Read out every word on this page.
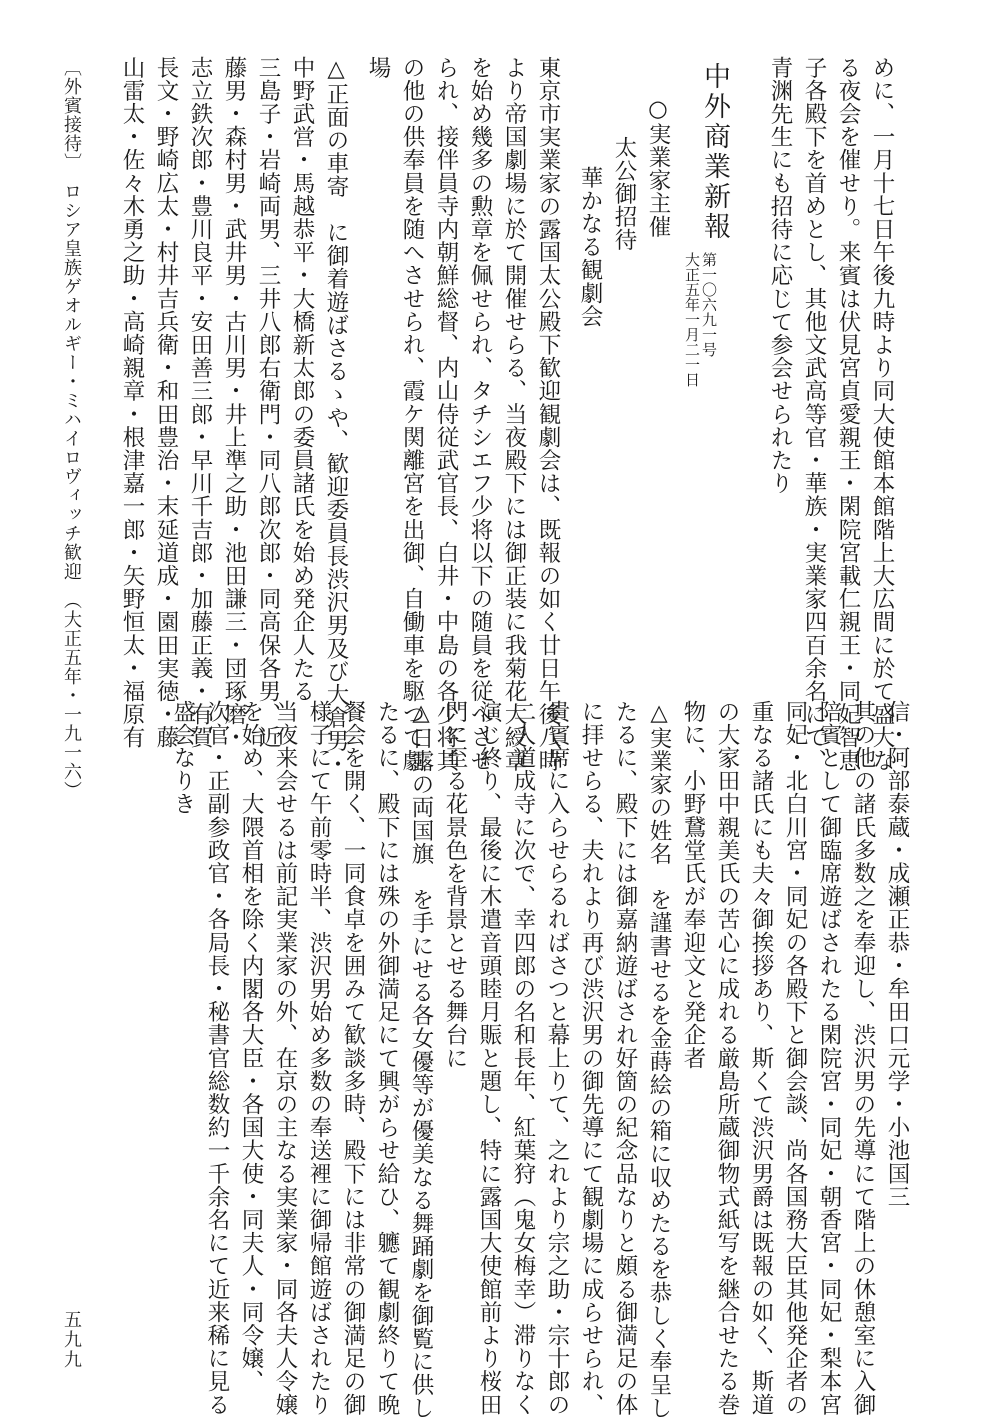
めに、一月十七日午後九時より同大使館本館階上大広間に於て盛大な
る夜会を催せり。来賓は伏見宮貞愛親王・閑院宮載仁親王・同妃智恵
子各殿下を首めとし、其他文武高等官・華族・実業家四百余名にて、
青渊先生にも招待に応じて参会せられたり
中外商業新報
第一〇六九一号
大正五年一月二一日
○実業家主催
太公御招待
華かなる観劇会
東京市実業家の露国太公殿下歓迎観劇会は、既報の如く廿日午後八時
より帝国劇場に於て開催せらる、当夜殿下には御正装に我菊花大綬章
を始め幾多の勲章を佩せられ、タチシエフ少将以下の随員を従へさせ
られ、接伴員寺内朝鮮総督、内山侍従武官長、白井・中島の各少将其
の他の供奉員を随へさせられ、霞ケ関離宮を出御、自働車を駆つて劇
場
△正面の車寄　に御着遊ばさるゝや、歓迎委員長渋沢男及び大倉男・
中野武営・馬越恭平・大橋新太郎の委員諸氏を始め発企人たる
三島子・岩崎両男、三井八郎右衛門・同八郎次郎・同高保各男、近
藤男・森村男・武井男・古川男・井上準之助・池田謙三・団琢磨・
志立鉄次郎・豊川良平・安田善三郎・早川千吉郎・加藤正義・有賀
長文・野崎広太・村井吉兵衛・和田豊治・末延道成・園田実徳・藤
山雷太・佐々木勇之助・高崎親章・根津嘉一郎・矢野恒太・福原有
信・阿部泰蔵・成瀬正恭・牟田口元学・小池国三
其の他の諸氏多数之を奉迎し、渋沢男の先導にて階上の休憩室に入御
陪賓として御臨席遊ばされたる閑院宮・同妃・朝香宮・同妃・梨本宮
同妃・北白川宮・同妃の各殿下と御会談、尚各国務大臣其他発企者の
重なる諸氏にも夫々御挨拶あり、斯くて渋沢男爵は既報の如く、斯道
の大家田中親美氏の苦心に成れる厳島所蔵御物式紙写を継合せたる巻
物に、小野鵞堂氏が奉迎文と発企者
△実業家の姓名　を謹書せるを金蒔絵の箱に収めたるを恭しく奉呈し
たるに、殿下には御嘉納遊ばされ好箇の紀念品なりと頗る御満足の体
に拝せらる、夫れより再び渋沢男の御先導にて観劇場に成らせられ、
貴賓席に入らせらるればさつと幕上りて、之れより宗之助・宗十郎の
二人道成寺に次で、幸四郎の名和長年、紅葉狩（鬼女梅幸）滞りなく
演じ終り、最後に木遣音頭睦月賑と題し、特に露国大使館前より桜田
門に至る花景色を背景とせる舞台に
△日露の両国旗　を手にせる各女優等が優美なる舞踊劇を御覧に供し
たるに、殿下には殊の外御満足にて興がらせ給ひ、軈て観劇終りて晩
餐会を開く、一同食卓を囲みて歓談多時、殿下には非常の御満足の御
様子にて午前零時半、渋沢男始め多数の奉送裡に御帰館遊ばされたり
当夜来会せるは前記実業家の外、在京の主なる実業家・同各夫人令嬢
を始め、大隈首相を除く内閣各大臣・各国大使・同夫人・同令嬢、
次官・正副参政官・各局長・秘書官総数約一千余名にて近来稀に見る
盛会なりき
〔外賓接待〕　ロシア皇族ゲオルギー・ミハイロヴィッチ歓迎　（大正五年・一九一六）
五九九
